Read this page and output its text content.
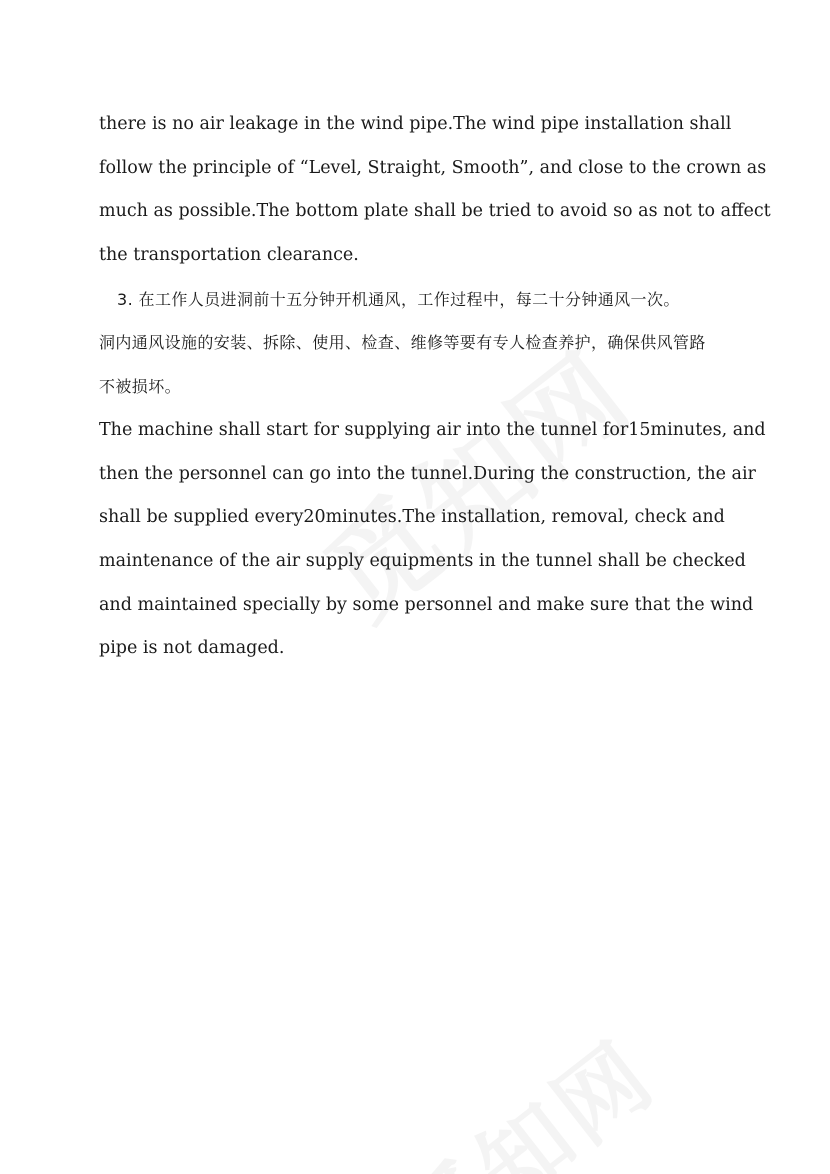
there is no air leakage in the wind pipe.The wind pipe installation shall
follow the principle of “Level, Straight, Smooth”, and close to the crown as
much as possible.The bottom plate shall be tried to avoid so as not to affect
the transportation clearance.

3. 在工作人员进洞前十五分钟开机通风，工作过程中，每二十分钟通风一次。
洞内通风设施的安装、拆除、使用、检查、维修等要有专人检查养护，确保供风管路
不被损坏。

The machine shall start for supplying air into the tunnel for15minutes, and
then the personnel can go into the tunnel.During the construction, the air
shall be supplied every20minutes.The installation, removal, check and
maintenance of the air supply equipments in the tunnel shall be checked
and maintained specially by some personnel and make sure that the wind
pipe is not damaged.
